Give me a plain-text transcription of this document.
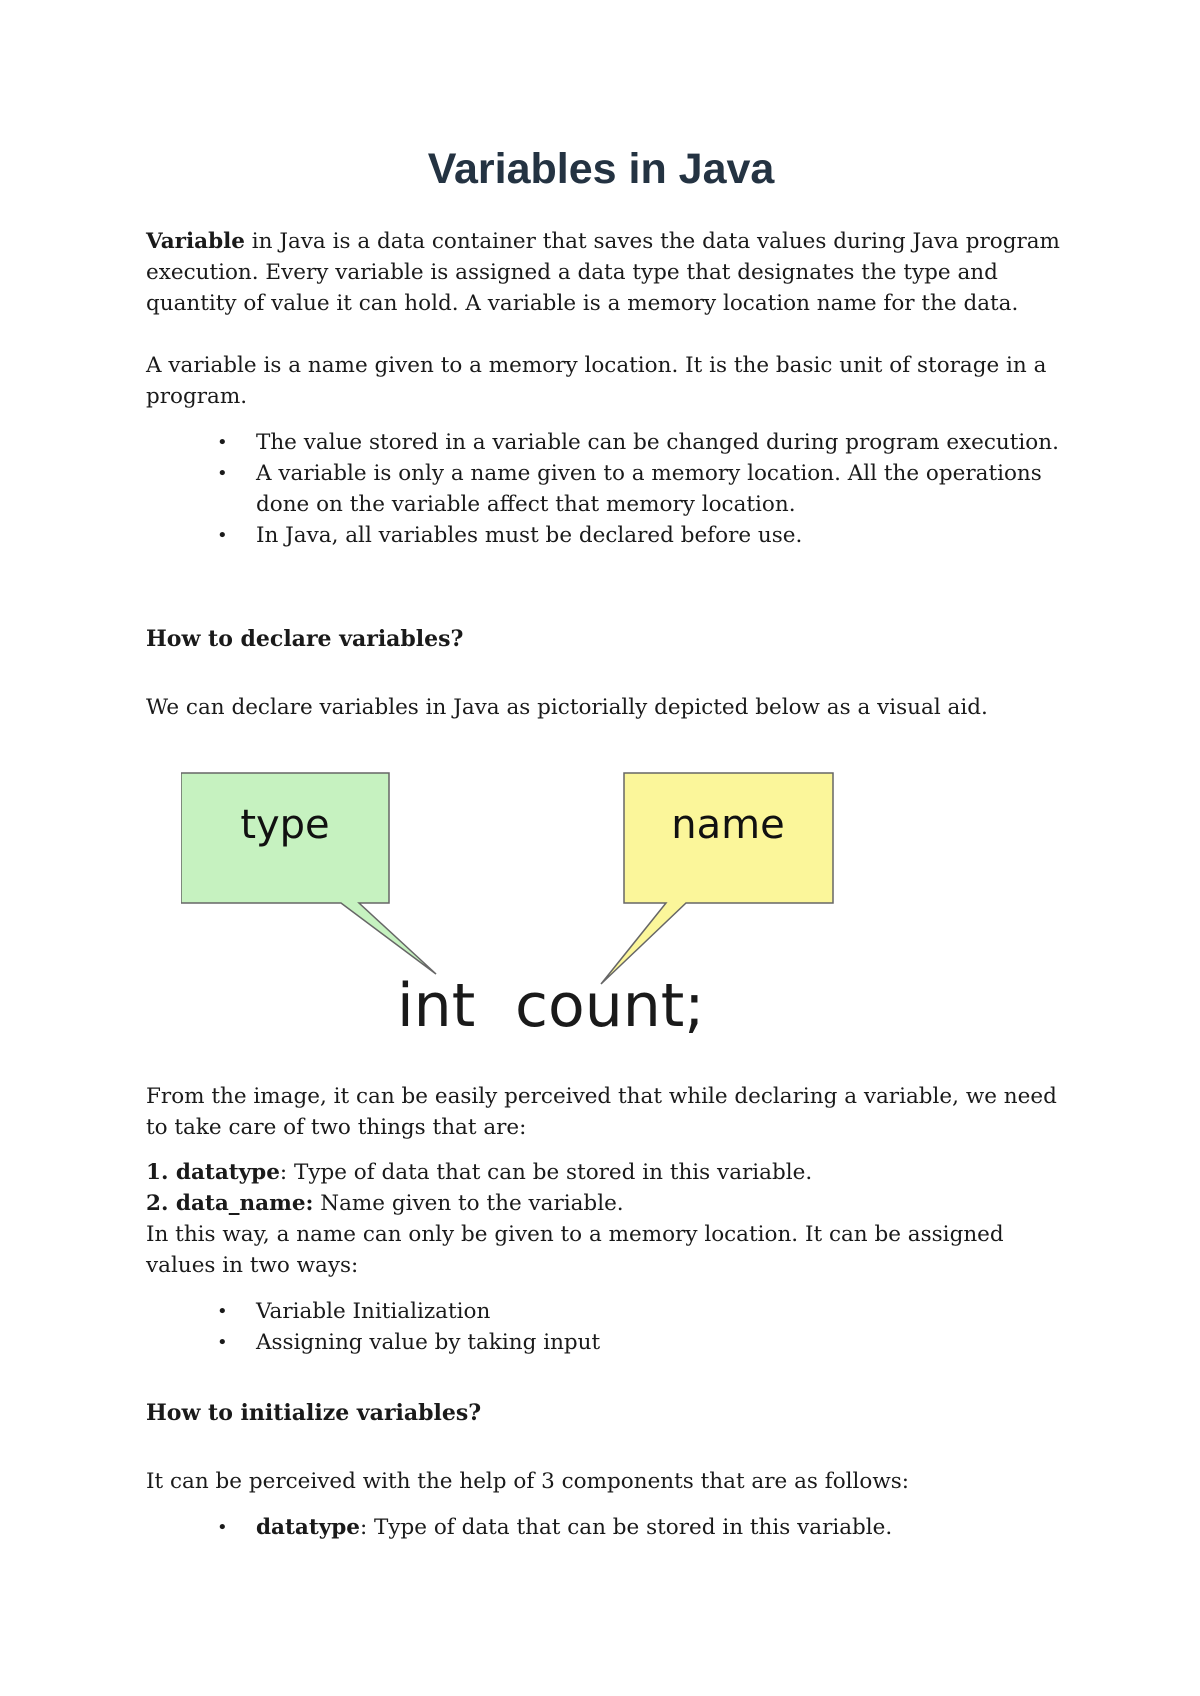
Variables in Java

Variable in Java is a data container that saves the data values during Java program execution. Every variable is assigned a data type that designates the type and quantity of value it can hold. A variable is a memory location name for the data.

A variable is a name given to a memory location. It is the basic unit of storage in a program.

• The value stored in a variable can be changed during program execution.
• A variable is only a name given to a memory location. All the operations done on the variable affect that memory location.
• In Java, all variables must be declared before use.
How to declare variables?

We can declare variables in Java as pictorially depicted below as a visual aid.

type	name
int count;

From the image, it can be easily perceived that while declaring a variable, we need to take care of two things that are:

1. datatype: Type of data that can be stored in this variable.

2. data_name: Name given to the variable.

In this way, a name can only be given to a memory location. It can be assigned values in two ways:

• Variable Initialization
• Assigning value by taking input
How to initialize variables?

It can be perceived with the help of 3 components that are as follows:

• datatype: Type of data that can be stored in this variable.
